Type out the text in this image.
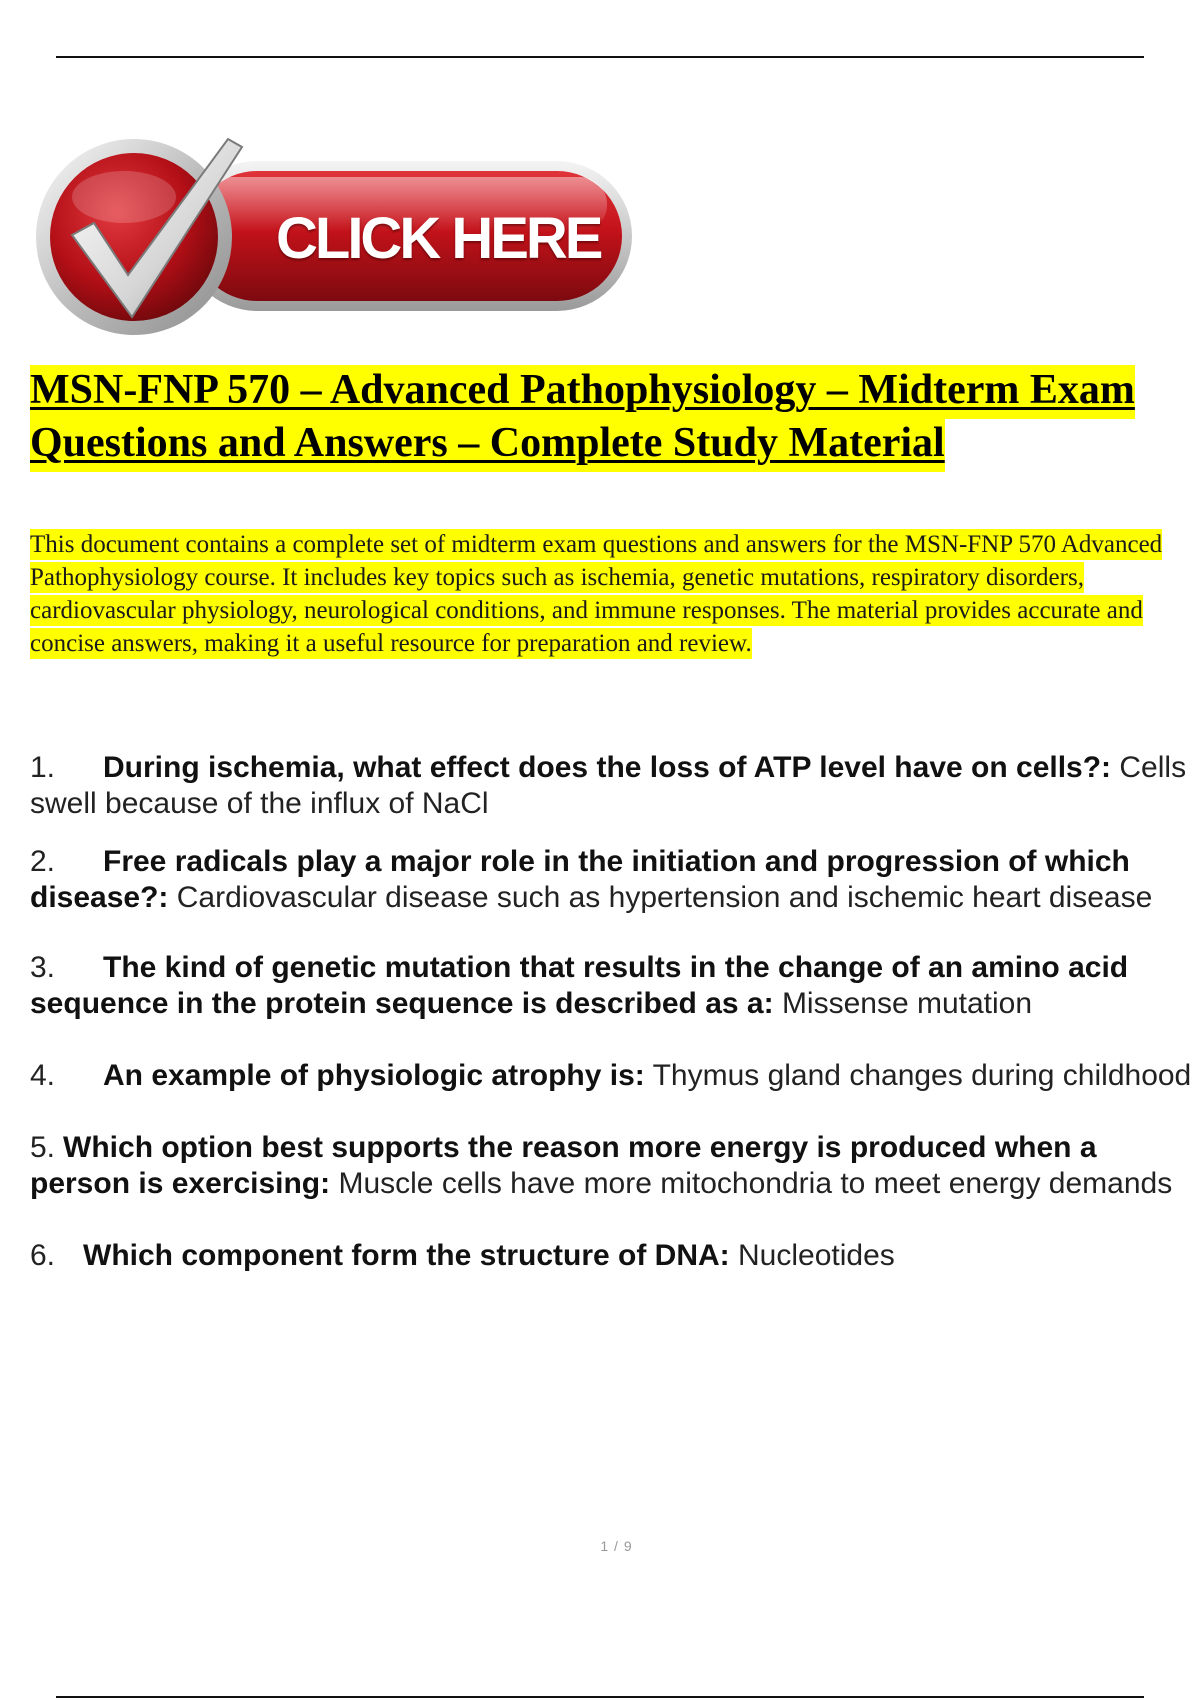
CLICK HERE
MSN-FNP 570 – Advanced Pathophysiology – Midterm Exam Questions and Answers – Complete Study Material

This document contains a complete set of midterm exam questions and answers for the MSN-FNP 570 Advanced Pathophysiology course. It includes key topics such as ischemia, genetic mutations, respiratory disorders, cardiovascular physiology, neurological conditions, and immune responses. The material provides accurate and concise answers, making it a useful resource for preparation and review.

1. During ischemia, what effect does the loss of ATP level have on cells?: Cells swell because of the influx of NaCl

2. Free radicals play a major role in the initiation and progression of which disease?: Cardiovascular disease such as hypertension and ischemic heart disease

3. The kind of genetic mutation that results in the change of an amino acid sequence in the protein sequence is described as a: Missense mutation

4. An example of physiologic atrophy is: Thymus gland changes during childhood

5. Which option best supports the reason more energy is produced when a person is exercising: Muscle cells have more mitochondria to meet energy demands

6. Which component form the structure of DNA: Nucleotides

1 / 9
